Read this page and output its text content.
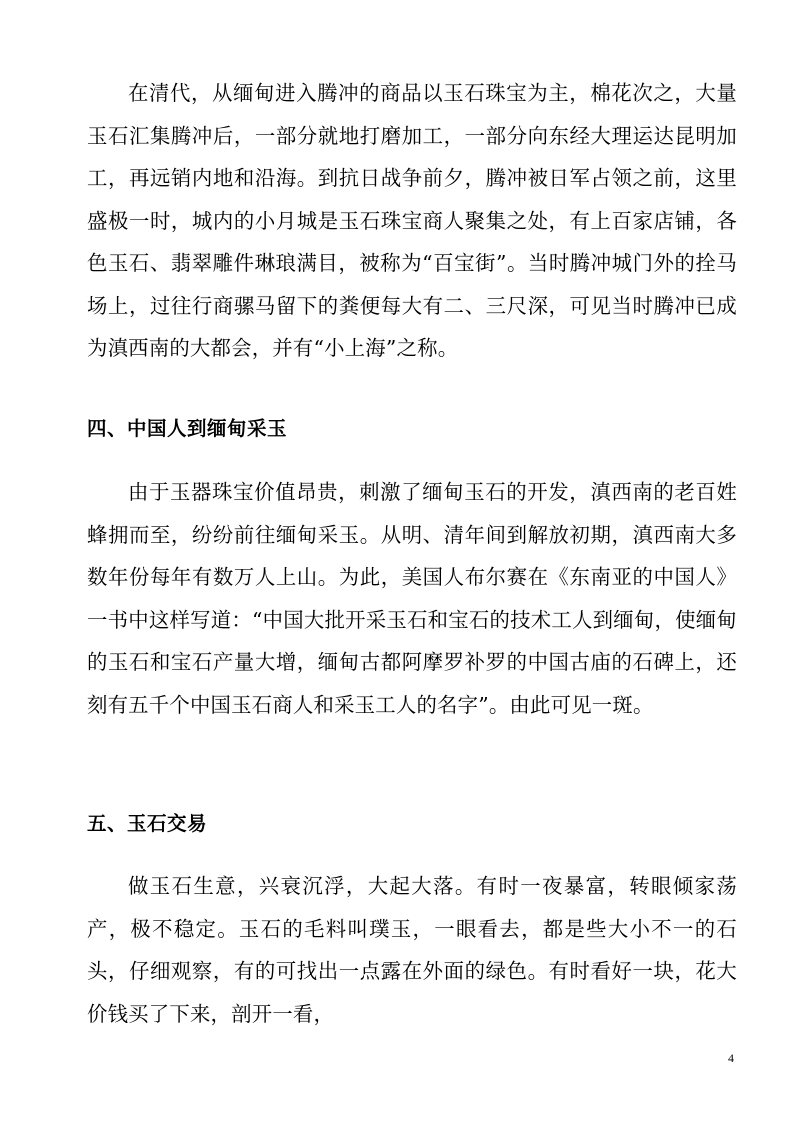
在清代，从缅甸进入腾冲的商品以玉石珠宝为主，棉花次之，大量玉石汇集腾冲后，一部分就地打磨加工，一部分向东经大理运达昆明加工，再远销内地和沿海。到抗日战争前夕，腾冲被日军占领之前，这里盛极一时，城内的小月城是玉石珠宝商人聚集之处，有上百家店铺，各色玉石、翡翠雕件琳琅满目，被称为“百宝街”。当时腾冲城门外的拴马场上，过往行商骡马留下的粪便每大有二、三尺深，可见当时腾冲已成为滇西南的大都会，并有“小上海”之称。

四、中国人到缅甸采玉

由于玉器珠宝价值昂贵，刺激了缅甸玉石的开发，滇西南的老百姓蜂拥而至，纷纷前往缅甸采玉。从明、清年间到解放初期，滇西南大多数年份每年有数万人上山。为此，美国人布尔赛在《东南亚的中国人》一书中这样写道：“中国大批开采玉石和宝石的技术工人到缅甸，使缅甸的玉石和宝石产量大增，缅甸古都阿摩罗补罗的中国古庙的石碑上，还刻有五千个中国玉石商人和采玉工人的名字”。由此可见一斑。

五、玉石交易

做玉石生意，兴衰沉浮，大起大落。有时一夜暴富，转眼倾家荡产，极不稳定。玉石的毛料叫璞玉，一眼看去，都是些大小不一的石头，仔细观察，有的可找出一点露在外面的绿色。有时看好一块，花大价钱买了下来，剖开一看，

4
